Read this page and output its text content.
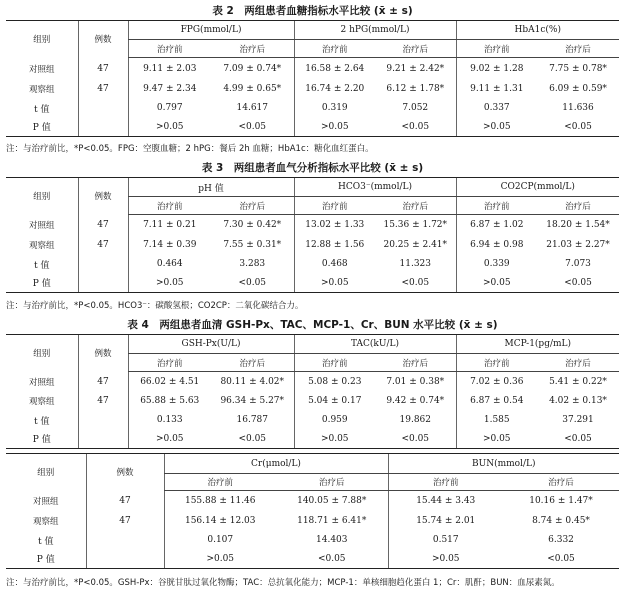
表 2　两组患者血糖指标水平比较 (x̄ ± s)
组别	例数	FPG(mmol/L)		2 hPG(mmol/L)		HbA1c(%)	
		治疗前	治疗后	治疗前	治疗后	治疗前	治疗后
对照组	47	9.11 ± 2.03	7.09 ± 0.74*	16.58 ± 2.64	9.21 ± 2.42*	9.02 ± 1.28	7.75 ± 0.78*
观察组	47	9.47 ± 2.34	4.99 ± 0.65*	16.74 ± 2.20	6.12 ± 1.78*	9.11 ± 1.31	6.09 ± 0.59*
t 值		0.797	14.617	0.319	7.052	0.337	11.636
P 值		>0.05	<0.05	>0.05	<0.05	>0.05	<0.05
注：与治疗前比，*P<0.05。FPG：空腹血糖；2 hPG：餐后 2h 血糖；HbA1c：糖化血红蛋白。
表 3　两组患者血气分析指标水平比较 (x̄ ± s)
组别	例数	pH 值		HCO3⁻(mmol/L)		CO2CP(mmol/L)	
		治疗前	治疗后	治疗前	治疗后	治疗前	治疗后
对照组	47	7.11 ± 0.21	7.30 ± 0.42*	13.02 ± 1.33	15.36 ± 1.72*	6.87 ± 1.02	18.20 ± 1.54*
观察组	47	7.14 ± 0.39	7.55 ± 0.31*	12.88 ± 1.56	20.25 ± 2.41*	6.94 ± 0.98	21.03 ± 2.27*
t 值		0.464	3.283	0.468	11.323	0.339	7.073
P 值		>0.05	<0.05	>0.05	<0.05	>0.05	<0.05
注：与治疗前比，*P<0.05。HCO3⁻：碳酸氢根；CO2CP：二氧化碳结合力。
表 4　两组患者血清 GSH-Px、TAC、MCP-1、Cr、BUN 水平比较 (x̄ ± s)
组别	例数	GSH-Px(U/L)		TAC(kU/L)		MCP-1(pg/mL)	
		治疗前	治疗后	治疗前	治疗后	治疗前	治疗后
对照组	47	66.02 ± 4.51	80.11 ± 4.02*	5.08 ± 0.23	7.01 ± 0.38*	7.02 ± 0.36	5.41 ± 0.22*
观察组	47	65.88 ± 5.63	96.34 ± 5.27*	5.04 ± 0.17	9.42 ± 0.74*	6.87 ± 0.54	4.02 ± 0.13*
t 值		0.133	16.787	0.959	19.862	1.585	37.291
P 值		>0.05	<0.05	>0.05	<0.05	>0.05	<0.05
组别	例数	Cr(μmol/L)		BUN(mmol/L)	
		治疗前	治疗后	治疗前	治疗后
对照组	47	155.88 ± 11.46	140.05 ± 7.88*	15.44 ± 3.43	10.16 ± 1.47*
观察组	47	156.14 ± 12.03	118.71 ± 6.41*	15.74 ± 2.01	8.74 ± 0.45*
t 值		0.107	14.403	0.517	6.332
P 值		>0.05	<0.05	>0.05	<0.05
注：与治疗前比，*P<0.05。GSH-Px：谷胱甘肽过氧化物酶；TAC：总抗氧化能力；MCP-1：单核细胞趋化蛋白 1；Cr：肌酐；BUN：血尿素氮。
